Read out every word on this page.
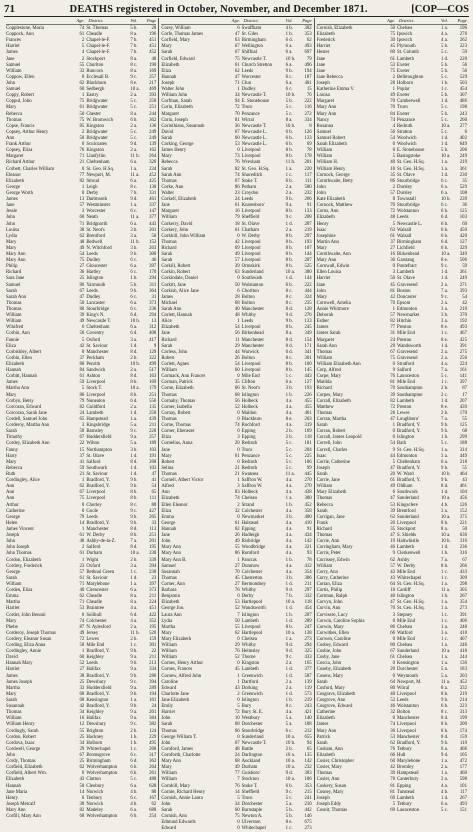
71	DEATHS registered in October, November, and December 1871.	[COP—COS
Age. District.	Vol.	Page
Copplestone, Maria	74 St. Thomas	5 b.	28
Coppock, Ann	61 Cheadle	8 a.	196
Frances	2 Chapel-le-F.	7 b.	451
Harriet	5 Chapel-le-F.	7 b.	451
James	4 Chapel-le-F.	7 b.	452
Jane	2 Stockport	8 a.	48
Samuel	55 Chorlton	8 c.	190
William	33 Runcorn	8 a.	169
Coppow, Ellen	0 Ecclesall B.	9 c.	257
John	62 Blackburn	8 e.	217
Samuel	60 Sedbergh	10 a.	469
Coppy, Robert	1 Eastry	2 a.	393
Coppul, John	75 Bridgwater	5 c.	250
Mary	61 Bridgwater	5 c.	251
Rebecca	50 Chester	8 a.	244
Thomas	75 W. Bromwich	6 b.	362
Copse, Francis	85 Kingston	2 a.	136
Copsey, Arthur Henry	2 Bridgwater	5 c.	249
Ann	58 Bridgwater	5 c.	249
Frank Arthur	0 Sculcoates	9 d.	139
Copsey, Eliza	76 Kingston	2 a.	162
Margaret	71 Llanfyllin	11 b.	264
Richard Arthur	21 Cheltenham	6 a.	326
Corbett, Charles William	0 St. Geo. H.Sq.	1 a.	234
Eleanor	77 Newport, M.	11 a.	452
Elizabeth	82 Stroud	6 a.	425
George	1 Leigh	8 c.	130
George Worth	0 Derby	7 b.	331
James	13 Dartmouth	9 d.	461
Jane	57 Westminster	1 a.	337
Jessie	3 Worcester	6 c.	147
John	60 Neath	11 a.	377
John	71 Bridgnorth	6 a.	443
Louisa	38 St. Neot's	3 b.	201
Lydia	62 Brentford	3 a.	50
Mary	40 Bedwell	11 b.	152
Mary	49 N. Witchford	3 b.	263
Mary Ann	54 Leeds	9 b.	300
Mary Ann	75 Dudley	6 c.	46
Philip	27 Gloucester	6 a.	397
Richard	36 Hartley	6 c.	170
Sara Jane	25 Islington	1 b.	294
Samuel	86 Yarmouth	5 b.	311
Sarah	67 Leeds	9 b.	364
Sarah Ann	47 Dudley	6 c.	31
Thomas	50 Lancaster	6 a.	373
Thomas	80 Stourbridge	6 c.	236
William	39 King's N.	6 d.	294
William	49 Newcastle T.	10 b.	13
Winifred	6 Cheltenham	6 a.	312
Corbin, Ann	50 Coventry	6 d.	408
Fannie	5 Oxford	3 a.	417
Eliza	42 St. Saviour	1 d.	9
Corbishley, Albert	0 Manchester	8 d.	129
Corbin, Ellen	37 Peckham	2 b.	322
Elizabeth	80 Penrith	10 b.	499
Hannah	84 Sandwich	2 a.	517
Corbitt, Hannah	61 Ashton	8 d.	163
James	59 Liverpool	8 b.	169
Martha Ann	5 Stock T.	10 a.	179
Mary	86 Liverpool	8 b.	251
Corbyn, Betsy	79 Nuneaton	6 d.	556
Corcoran, Edward	82 Guildford	2 a.	135
Corcoran, Sarah Jane	24 Lambeth	1 d.	250
Cordell, Samuel John	65 Hampstead	1 a.	439
Corderoy, Martha Ann	3 Kingsbridge	5 a.	211
Sarah	58 Barnsley	9 c.	220
Timothy	67 Huddersfield	9 a.	257
Cordey, Elizabeth Ann	22 Wilton	5 a.	189
Fanny	15 Northampton	3 b.	103
Harry	37 St. Olave	1 d.	191
Mary	41 Salford	8 d.	268
Rebecca	59 Southwark	1 d.	103
Ruth	21 St. Saviour	1 d.	47
Cordingley, Alice	1 Bradford, Y.	9 b.	41
Ann	62 Bradford, Y.	9 b.	54
Ann	67 Liverpool	8 b.	65
Ann	75 Liverpool	8 b.	111
Arthur	0 Chorley	8 c.	80
Catherine	0 Goole	9 c.	427
George	79 Leeds	9 b.	265
Helen	14 Bradford, Y.	9 b.	33
James Vincent	1 Manchester	8 d.	113
Joseph	61 W. Derby	8 b.	251
John	48 Ashby-de-la-Z.	7 a.	201
John Joseph	2 Salford	8 d.	195
John Thomas	61 Durham	10 a.	230
Cordon, Elizabeth	1 Wight	2 b.	339
Cordrey, Frederick	23 Oxford	3 a.	394
George	57 Bethnal Green	1 c.	230
Sarah	61 St. Saviour	1 d.	23
William	71 Marylebone	1 a.	397
Corden, Eliza	40 Cirencester	6 a.	373
Emma	62 Cheadle	8 a.	211
Martha	71 Cheadle	8 a.	224
Harriet	53 Braintree	4 a.	451
Corder, John Benoni	0 Solihull	6 d.	422
Mary	74 Colchester	4 a.	352
Phebe	87 N. Aylesford	2 a.	195
Corderoy, Joseph Thomas	49 Jersey	11 b.	520
Cordery, Eleanor Susan	72 Lewes	2 b.	159
Cording, Eliza Anna	58 Mile End	1 c.	301
Cordingley, Annie	1 Bradford, Y.	9 b.	22
David	60 Keighley	9 a.	211
Hannah Mary	52 Leeds	9 b.	213
Harriet	27 Halifax	9 a.	334
James	38 Bradford, Y.	9 b.	286
James Joseph	25 Dewsbury	9 c.	394
Martha	33 Huddersfield	9 a.	289
Mary	68 Bradford, Y.	9 b.	194
Sarah	68 Kensington	1 a.	161
Susannah	42 Bradford, Y.	9 b.	24
Thomas	34 Keighley	9 a.	201
William	16 Halifax	9 a.	384
William Henry	12 Dewsbury	9 c.	382
Cordingly, Sarah	55 Brighton	2 b.	124
Cordon, Robert	25 Hackney	1 b.	229
Cordova, Isaac	34 Holborn	1 b.	495
Cordwell, George	29 Whitechapel	1 c.	268
John	67 Bromsgrove	6 c.	317
Cordy, Thomas	25 Birmingham	6 d.	362
Corfield, Elizabeth	62 Wolverhampton	6 b.	264
Corfield, Albert Wm.	0 Wolverhampton	6 b.	261
Elizabeth	43 Clutton	5 c.	488
Hannah	50 Cleobury	6 a.	628
Jane Maria	14 Norwich	4 b.	80
Henry	0 Tenbury	6 c.	167
Joseph Metcalf	30 Norwich	4 b.	62
Mary Ann	82 Madeley	6 a.	688
Corfill, Mary Ann	68 Wolverhampton	6 b.	254
Age. District.	Vol.	Page
Corey, William	6 Swaffham	4 b.	302
Corfe, Thomas James	47 St. Giles	1 b.	353
Corfield, Mary	63 Birmingham	6 d.	62
Mary	67 Wellington	6 a.	493
Sarah	67 Shiffnal	6 a.	697
Corfield, Edward	75 Newcastle T.	10 b.	79
Elizabeth	61 Church Stretton	6 a.	496
Eliza	62 Leeds	9 b.	194
Hannah	47 Worcester	6 c.	187
Joseph	71 Clun	6 a.	401
Walter John	1 Dudley	6 c.	15
William John	34 Newcastle T.	10 b.	76
Corfman, Sarah	94 E. Stonehouse	5 b.	222
Corin, Elizabeth	72 Truro	5 c.	116
Margaret	70 Penzance	5 c.	272
Corin, Joseph	81 Wirral	8 a.	334
Corinthians, Susannah	36 Newcastle T.	10 b.	8
David	67 Newcastle L.	6 b.	126
Sarah	60 Newcastle L.	6 b.	133
Corking, George	53 Newcastle L.	6 b.	69
James Henry	0 Liverpool	8 b.	78
Mary	73 Liverpool	8 b.	178
Rebecca	76 Wrexham	11 b.	201
Sarah	82 St. Geo. H.Sq.	1 a.	220
Sarah Ann	74 Shoreditch	1 c.	117
Thomas	67 Stoke T.	6 b.	111
Corke, Ann	86 Petham	2 a.	580
Walter	23 Croydon	2 a.	232
Corkell, Elizabeth	24 Leeds	9 b.	266
Jane	61 Knaresboro'	9 a.	91
Margaret	16 Liverpool	8 b.	133
William	79 Sheffield	9 c.	208
Corkerry, David	18 St. Olave	1 d.	287
Corkery, John	61 Chatham	2 a.	219
Corkhill, John William	0 W. Derby	8 b.	297
Thomas	42 Liverpool	8 b.	193
Richard	69 Liverpool	8 b.	187
Sarah	49 Liverpool	8 b.	144
Sarah	57 Liverpool	8 b.	207
Corkill, Robert	39 Ormskirk	8 b.	525
Corkin, Robert	63 Sunderland	10 a.	380
Corkindale, Daniel	0 Southwark	1 d.	144
Corkitt, Jane	50 Wolstanton	6 b.	222
Corkish, Alice Jane	6 Chorlton	8 c.	444
James	28 Bolton	8 c.	324
Michael	68 Bolton	8 c.	235
Sarah Ann	40 Manchester	8 d.	128
Corlett, Hannah	48 Whitby	9 d.	276
Alice	1 Leeds	9 b.	133
Elizabeth	54 Liverpool	8 b.	245
Jane	56 Birkenhead	8 a.	349
Richard	11 Manchester	8 d.	154
Sarah	29 Manchester	8 d.	171
Corless, John	44 Warwick	6 d.	341
Robert	26 Bolton	8 c.	301
Corlett, Agnes	54 Liverpool	8 b.	100
William	60 Liverpool	8 b.	145
Cormack, Ann Frances	0 Mile End	1 c.	443
Corman, Patrick	35 Clifton	6 a.	127
Corne, Elizabeth	66 St. Neot's	3 b.	193
Thomas	68 Islington	1 b.	226
Cornaby, Thomas	56 Holbeck	4 a.	455
Corner, Isabella	52 Holbeck	4 a.	455
Cornay, Robert	0 Maldon	4 a.	461
Thomas	0 Blackburn	8 e.	203
Corne, Thomas	74 Rochford	4 a.	319
Corner, Ebenezer	0 Epping	2 b.	109
Eliza	3 Epping	2 b.	118
Cornelius, Anna	20 Redruth	5 c.	101
Jane	0 Truro	5 c.	204
Mary	61 Penzance	5 c.	225
Robert	0 Redruth	5 c.	106
Selina	21 Redruth	5 c.	99
Thomas	21 Swansea	11 a.	445
Cornell, Albert Victor	1 Saffron W.	4 a.	270
Alfred	3 Saffron W.	4 a.	270
Ann	83 Holbeck	4 a.	438
Elizabeth	74 Chelsea	1 a.	300
Ellen Eleanor	2 Strand	1 b.	452
Eliza	32 Colchester	4 a.	358
Emma	0 Newmarket	3 b.	400
George	61 Halstead	4 a.	410
Hannah	62 Epping	4 a.	91
Jane	26 Hadleigh	4 a.	434
John	49 Risbridge	4 a.	142
Mary Ann	55 Woodbridge	4 a.	321
Mary Ann	86 Romford	4 a.	93
Mary Ann B.	1 Pancras	1 b.	78
Samuel	27 Dunmow	4 a.	412
Susannah	70 Colchester	4 a.	354
Thomas	45 Chesterton	3 b.	306
Corner, Ann	27 Bermondsey	1 d.	211
Barbara	76 Whitby	9 d.	297
Benjamin	0 Derby	7 b.	332
Elizabeth	53 Hartlepool	10 a.	118
George Jno.	52 Wandsworth	1 d.	454
Laura Ann	7 Islington	1 b.	207
Lydia	50 Lambeth	1 d.	289
Martha	55 Liverpool	8 b.	247
Mary	62 Hartlepool	10 a.	138
Mary Elizabeth	0 Chelsea	1 a.	273
William	29 Whitby	9 d.	294
William	76 Helmsley	9 d.	325
William	52 Thorne	9 c.	433
Cornes, Henry Arthur	0 Kingston	2 a.	165
Cornes, Frances	45 Lambeth	1 d.	377
Cornew, Alfred John	1 Greenwich	1 d.	587
Caroline	1 Dartford	2 a.	139
Edward	43 Dorking	2 a.	119
Charlotte Jane	2 Greenwich	1 d.	573
Jane Elizabeth	0 Islington	1 b.	219
Emily	5 Bury	8 c.	243
Harriet	72 Bury St. E.	4 a.	421
John	10 Westbury	5 a.	140
Sarah	68 Dorchester	5 a.	188
Thomas	66 Stourbridge	6 c.	212
George William T.	0 Sunderland	10 a.	655
John	67 Newcastle T.	10 b.	94
Cornford, James	48 Battle	2 b.	65
Cornforth, Charlotte	24 Darlington	10 a.	135
Mary Ann	68 Auckland	10 a.	142
Mary	49 Durham	10 a.	232
William	77 Guisboro'	9 d.	383
William	7 Stockton	10 a.	186
Cornhill, Mary	76 Stoke T.	6 b.	353
Cornie, Richard Henry	14 Sheffield	9 c.	215
Cornish, Annie Laura	5 Truro	5 c.	241
John	34 Dorchester	5 a.	210
Sarah	60 Barnstaple	5 b.	442
Cornish, Ann	75 Newton A.	5 b.	146
Edmund Edwards	0 Ulverston	8 e.	675
Edward	0 Whitechapel	1 c.	273
Age. District.	Vol.	Page
Cornish, Elizabeth	50 Chelsea	1 a.	196
Elizabeth	75 Ipswich	4 a.	276
Frederick	30 Ipswich	4 a.	262
Harriet	45 Plymouth	5 b.	223
Hester	80 St. Columb	5 c.	59
Jane	61 Lambeth	1 d.	220
Jane	53 Exeter	5 b.	56
Jane	75 Exeter	5 b.	56
Jane Rebecca	2 Belbroughton	5 c.	529
Joseph	28 Holborn	1 b.	503
Katherine Emma V.	1 Poplar	1 c.	454
Louisa	49 Exeter	5 b.	307
Margaret	70 Camberwell	1 d.	486
Mary Ann	70 Truro	5 c.	198
Mary Ann	84 Exeter	5 b.	243
Nancy	74 Penzance	5 c.	260
Rosanna	4 Redruth	10 a.	277
Samuel	56 Stratton	5 c.	6
Samuel Robert	54 Woolwich	1 d.	402
Sarah Elizabeth	0 Woolwich	1 d.	649
William	0 E. Stonehouse	5 b.	206
William	5 Basingstoke	10 a.	249
William H.	40 St. Geo. H.Sq.	1 a.	219
William Henry	18 St. Geo. H.Sq.	1 a.	361
Cornock, George	35 St. Olave	1 d.	230
Cornthwaite, Betty	86 Stourbridge	6 c.	35
John	2 Dursley	6 a.	529
John	57 Dursley	6 a.	108
Kate Elizabeth	8 Townstall	10 b.	239
Cornock, Matthew	70 Stourbridge	6 c.	36
Corns, Ann	72 Wolstanton	6 b.	125
Elizabeth	48 Leeds	6 d.	103
Henry	5 Newcastle L.	6 b.	69
Isaac	63 Walsall	6 b.	450
Josephine	61 Walsall	6 b.	420
Martin Ann	37 Birmingham	6 d.	127
Mary	27 Lichfield	6 b.	329
Cornthwaite, Ann	16 Birkenhead	10 a.	349
Mary Ann	36 Garstang	8 e.	506
Cornwall, Edwin	0 Pontefract	9 c.	59
Ellen Louisa	3 Lambeth	1 d.	361
Harriet	50 St. Olave	1 d.	249
Jane	45 Gravesend	2 a.	271
John	81 Boston	7 a.	393
Mary	42 Doncaster	9 c.	54
Cornwell, Amelia	70 Epsom	2 a.	42
Annie Whitmore	1 Edmonton	3 a.	210
Deborah	57 Newmarket	3 b.	370
Esther	82 Hitchin	3 a.	192
James	77 Preston	8 e.	493
James Sarah	31 Mile End	1 c.	467
Margaret	24 Preston	8 e.	425
Sarah Ann	29 Wandsworth	1 d.	391
Thomas	67 Gravesend	2 a.	275
William	75 Gravesend	2 a.	256
William Elizabeth Ann	0 Stratford	4 a.	224
Corp, Alfred	9 Salford	7 a.	161
Corpe, Mary	76 Launceston	5 c.	141
Matilda	81 Mile End	1 c.	397
Richard	70 Southampton	2 b.	87
Corpes, Mary	39 Southampton	2 c.	17
Corrall, Elizabeth	82 Lambeth	1 d.	207
Matthew	72 Preston	8 e.	439
Thomas	26 Lewes	2 b.	170
Corran, Martha	47 Loughboro'	7 a.	55
Sarah	1 Bradford, Y.	9 b.	125
Corran, Robert	0 Bradford, Y.	9 b.	68
Corrall, James Leopold	0 Islington	1 b.	299
Correll, John	54 Bath	5 c.	188
Correll, Charles	9 St. Geo. H.Sq.	1 a.	314
Isaac	44 Edmonton	3 a.	449
Corrie, Catherine	5 Cheltenham	6 a.	218
Joseph	47 Bradford, Y.	9 b.	55
Sarah	20 W. Ward	10 b.	464
Corrie, Jane	61 Bradford, Y.	9 b.	43
William	49 Oldham	8 d.	461
Mary Elizabeth	6 Southwark	1 d.	104
Thomas	47 Sunderland	10 a.	456
Rebecca	53 Kingsclere	4 b.	126
Sarah	39 Brentford	3 a.	152
Corrigan, Jane	62 Sunderland	10 a.	375
Frank	20 Liverpool	8 b.	221
Richard	35 Stockport	8 a.	50
Thomas	47 S. Shields	10 a.	636
Corrie, Ann	19 Haltwhistle	10 b.	316
Corringham, Mary	46 Lambeth	1 d.	236
Corris, Peter	9 Clerkenwell	1 b.	316
Corrissey, Edwin	62 Ashby	7 a.	67
William	57 W. Derby	8 b.	266
Corry, Ann	43 Mile End	1 c.	433
Corry, Catherine	43 Whitechapel	1 c.	309
Cortan, Eliza	64 St. Geo. H.Sq.	1 a.	298
Cortis, Philip	18 Cardiff	11 a.	305
Cortman, Ralph	40 Islington	1 b.	267
Corvyn, John	47 St. Geo. H.Sq.	1 a.	354
Corvin, Ann	70 St. Geo. H.Sq.	1 a.	273
Corvisero, Lucy	3 Stepney	1 c.	391
Corwin, Caroline Sophia	0 Mile End	1 c.	406
Corwin, Mary	86 Chelsea	1 a.	248
Corwithes, Ellen	66 Watford	3 a.	418
Corwen, Caroline	0 Mile End	1 c.	407
Cosbey, Edward	80 Chelsea	1 a.	246
Cosbie, John	67 Sunderland	10 a.	418
Cosby, Jane	61 Chelsea	1 a.	244
Coscia, John	0 Kensington	1 a.	136
Coseby, Elizabeth	20 Dorchester	5 a.	183
Cosens, Mary	0 Weymouth	5 a.	203
Sarah	64 Newport, M.	11 a.	452
Cosford, Mary	80 Wirral	8 a.	332
Cosgrave, Elizabeth	40 Liverpool	8 b.	219
Cosgrove, Ann	52 Leeds	9 b.	214
Cosgrove, Edward	46 Wolstanton	6 b.	223
Catherine	32 Bolton	8 c.	313
Elizabeth	0 Manchester	8 d.	199
James	74 Liverpool	8 b.	200
Mary Ann	36 Liverpool	8 b.	174
Patrick	53 Manchester	8 d.	159
Sarah	62 Bradford, Y.	9 b.	110
Cosham, Ann	76 Tetbury	6 a.	466
Elizabeth	66 Hull	9 d.	105
Cosier, Christopher	60 Marylebone	1 a.	472
Cosier, Mary	42 Bromley	2 a.	177
Thomas	39 Hampstead	1 a.	460
Cosier, Ann	78 Canterbury	2 a.	598
Coskery, Susan	81 Epping	4 a.	101
Cosney, Mary	81 Tunstead	4 b.	117
Joseph	69 Lambeth	1 d.	267
Joseph Eddy	5 Tetbury	6 a.	493
Cosnit, Thomas	69 Launceston	5 c.	151
